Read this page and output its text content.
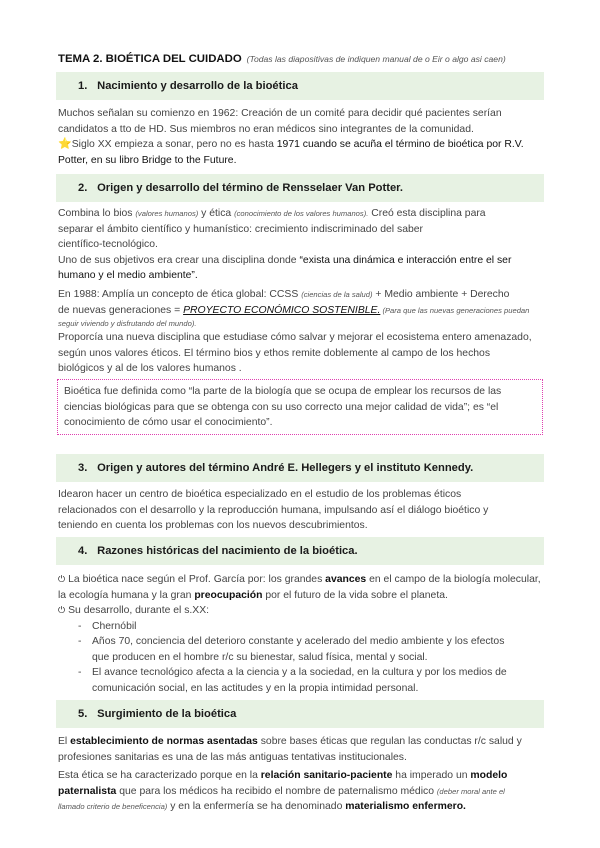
TEMA 2. BIOÉTICA DEL CUIDADO (Todas las diapositivas de indiquen manual de o Eir o algo asi caen)
1. Nacimiento y desarrollo de la bioética
Muchos señalan su comienzo en 1962: Creación de un comité para decidir qué pacientes serían
candidatos a tto de HD. Sus miembros no eran médicos sino integrantes de la comunidad.
⭐Siglo XX empieza a sonar, pero no es hasta 1971 cuando se acuña el término de bioética por R.V.
Potter, en su libro Bridge to the Future.
2. Origen y desarrollo del término de Rensselaer Van Potter.
Combina lo bios (valores humanos) y ética (conocimiento de los valores humanos). Creó esta disciplina para
separar el ámbito científico y humanístico: crecimiento indiscriminado del saber
científico-tecnológico.
Uno de sus objetivos era crear una disciplina donde “exista una dinámica e interacción entre el ser
humano y el medio ambiente”.
En 1988: Amplía un concepto de ética global: CCSS (ciencias de la salud) + Medio ambiente + Derecho
de nuevas generaciones = PROYECTO ECONÓMICO SOSTENIBLE. (Para que las nuevas generaciones puedan
seguir viviendo y disfrutando del mundo).
Proporcía una nueva disciplina que estudiase cómo salvar y mejorar el ecosistema entero amenazado,
según unos valores éticos. El término bios y ethos remite doblemente al campo de los hechos
biológicos y al de los valores humanos .
Bioética fue definida como “la parte de la biología que se ocupa de emplear los recursos de las
ciencias biológicas para que se obtenga con su uso correcto una mejor calidad de vida”; es “el
conocimiento de cómo usar el conocimiento”.
3. Origen y autores del término André E. Hellegers y el instituto Kennedy.
Idearon hacer un centro de bioética especializado en el estudio de los problemas éticos
relacionados con el desarrollo y la reproducción humana, impulsando así el diálogo bioético y
teniendo en cuenta los problemas con los nuevos descubrimientos.
4. Razones históricas del nacimiento de la bioética.
⏻ La bioética nace según el Prof. García por: los grandes avances en el campo de la biología molecular,
la ecología humana y la gran preocupación por el futuro de la vida sobre el planeta.
⏻ Su desarrollo, durante el s.XX:
- Chernóbil
- Años 70, conciencia del deterioro constante y acelerado del medio ambiente y los efectos
que producen en el hombre r/c su bienestar, salud física, mental y social.
- El avance tecnológico afecta a la ciencia y a la sociedad, en la cultura y por los medios de
comunicación social, en las actitudes y en la propia intimidad personal.
5. Surgimiento de la bioética
El establecimiento de normas asentadas sobre bases éticas que regulan las conductas r/c salud y
profesiones sanitarias es una de las más antiguas tentativas institucionales.
Esta ética se ha caracterizado porque en la relación sanitario-paciente ha imperado un modelo
paternalista que para los médicos ha recibido el nombre de paternalismo médico (deber moral ante el
llamado criterio de beneficencia) y en la enfermería se ha denominado materialismo enfermero.
